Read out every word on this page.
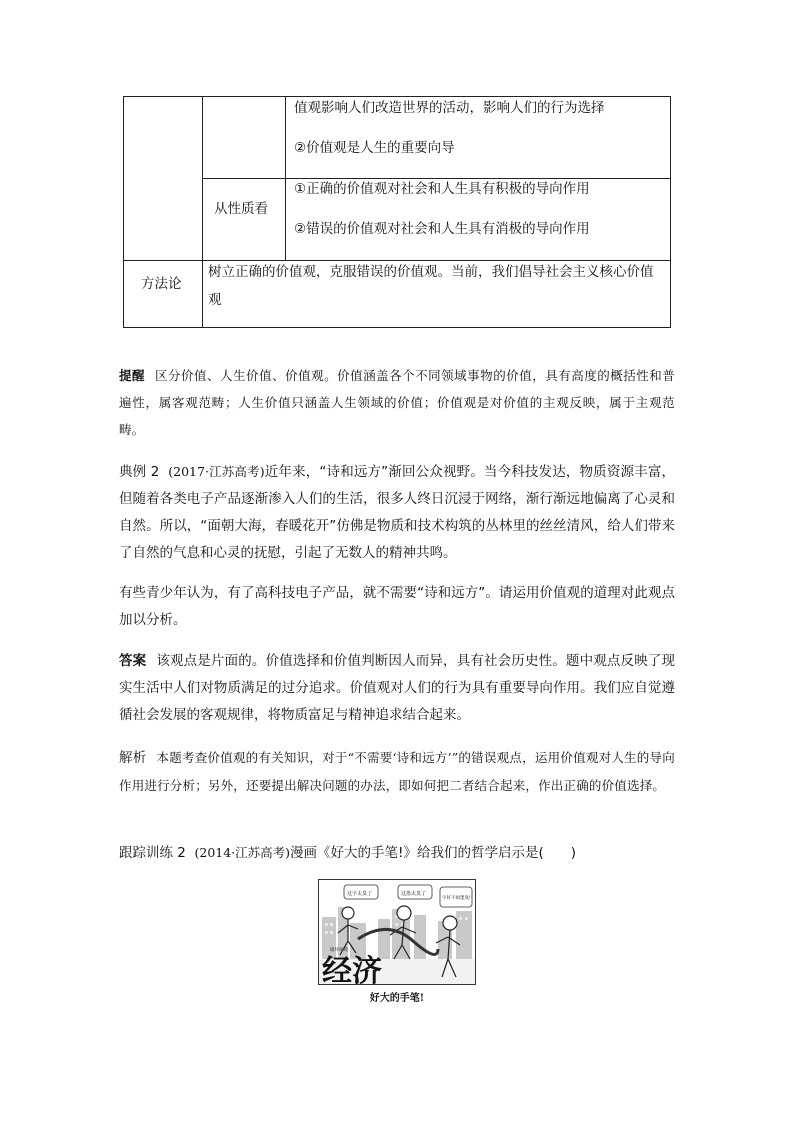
值观影响人们改造世界的活动，影响人们的行为选择
②价值观是人生的重要向导
从性质看
①正确的价值观对社会和人生具有积极的导向作用
②错误的价值观对社会和人生具有消极的导向作用
方法论
树立正确的价值观，克服错误的价值观。当前，我们倡导社会主义核心价值观
提醒 区分价值、人生价值、价值观。价值涵盖各个不同领域事物的价值，具有高度的概括性和普遍性，属客观范畴；人生价值只涵盖人生领域的价值；价值观是对价值的主观反映，属于主观范畴。
典例 2 (2017·江苏高考)近年来，“诗和远方”渐回公众视野。当今科技发达，物质资源丰富，但随着各类电子产品逐渐渗入人们的生活，很多人终日沉浸于网络，渐行渐远地偏离了心灵和自然。所以，“面朝大海，春暖花开”仿佛是物质和技术构筑的丛林里的丝丝清风，给人们带来了自然的气息和心灵的抚慰，引起了无数人的精神共鸣。
有些青少年认为，有了高科技电子产品，就不需要“诗和远方”。请运用价值观的道理对此观点加以分析。
答案 该观点是片面的。价值选择和价值判断因人而异，具有社会历史性。题中观点反映了现实生活中人们对物质满足的过分追求。价值观对人们的行为具有重要导向作用。我们应自觉遵循社会发展的客观规律，将物质富足与精神追求结合起来。
解析 本题考查价值观的有关知识，对于“不需要‘诗和远方’”的错误观点，运用价值观对人生的导向作用进行分析；另外，还要提出解决问题的办法，即如何把二者结合起来，作出正确的价值选择。
跟踪训练 2 (2014·江苏高考)漫画《好大的手笔!》给我们的哲学启示是(　　)
经济
这字太臭了	这墨太臭了
字好不如墨臭!
破坏环境
好大的手笔!
